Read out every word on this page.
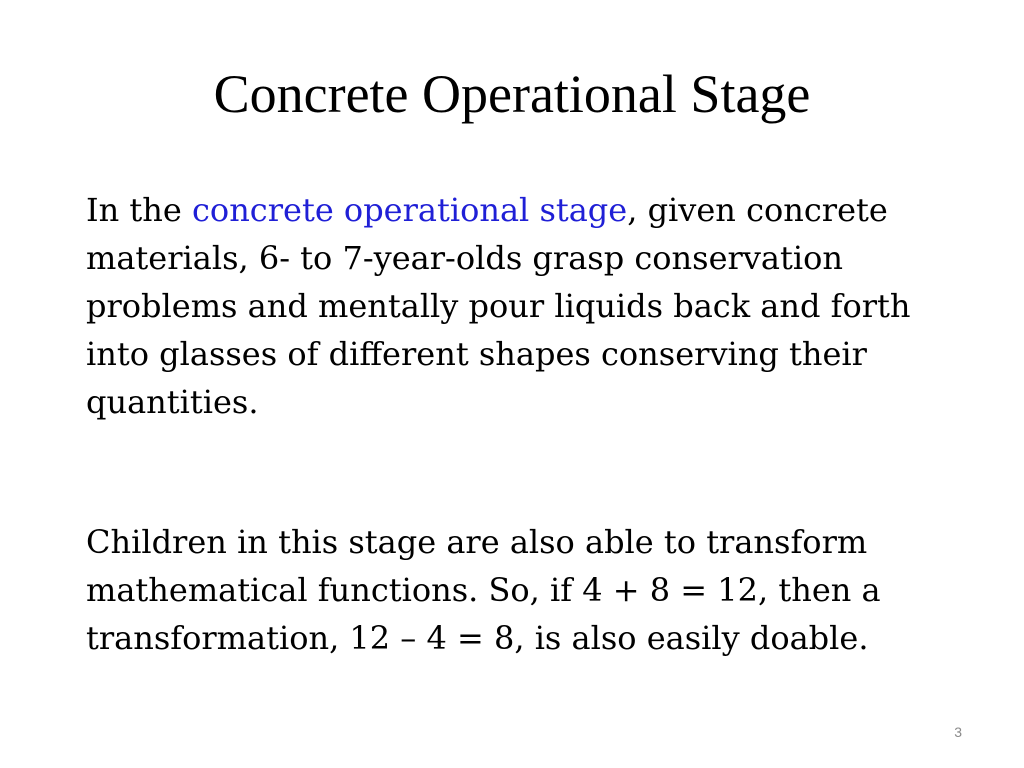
Concrete Operational Stage

In the concrete operational stage, given concrete materials, 6- to 7-year-olds grasp conservation problems and mentally pour liquids back and forth into glasses of different shapes conserving their quantities.

Children in this stage are also able to transform mathematical functions. So, if 4 + 8 = 12, then a transformation, 12 – 4 = 8, is also easily doable.

3
